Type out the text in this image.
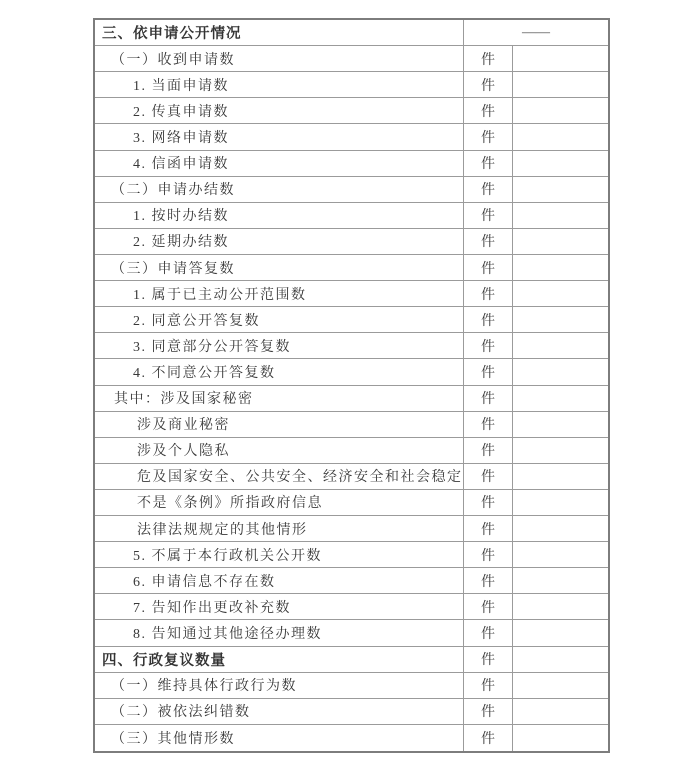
三、依申请公开情况	——
（一）收到申请数	件
1. 当面申请数	件
2. 传真申请数	件
3. 网络申请数	件
4. 信函申请数	件
（二）申请办结数	件
1. 按时办结数	件
2. 延期办结数	件
（三）申请答复数	件
1. 属于已主动公开范围数	件
2. 同意公开答复数	件
3. 同意部分公开答复数	件
4. 不同意公开答复数	件
其中：涉及国家秘密	件
涉及商业秘密	件
涉及个人隐私	件
危及国家安全、公共安全、经济安全和社会稳定	件
不是《条例》所指政府信息	件
法律法规规定的其他情形	件
5. 不属于本行政机关公开数	件
6. 申请信息不存在数	件
7. 告知作出更改补充数	件
8. 告知通过其他途径办理数	件
四、行政复议数量	件
（一）维持具体行政行为数	件
（二）被依法纠错数	件
（三）其他情形数	件
